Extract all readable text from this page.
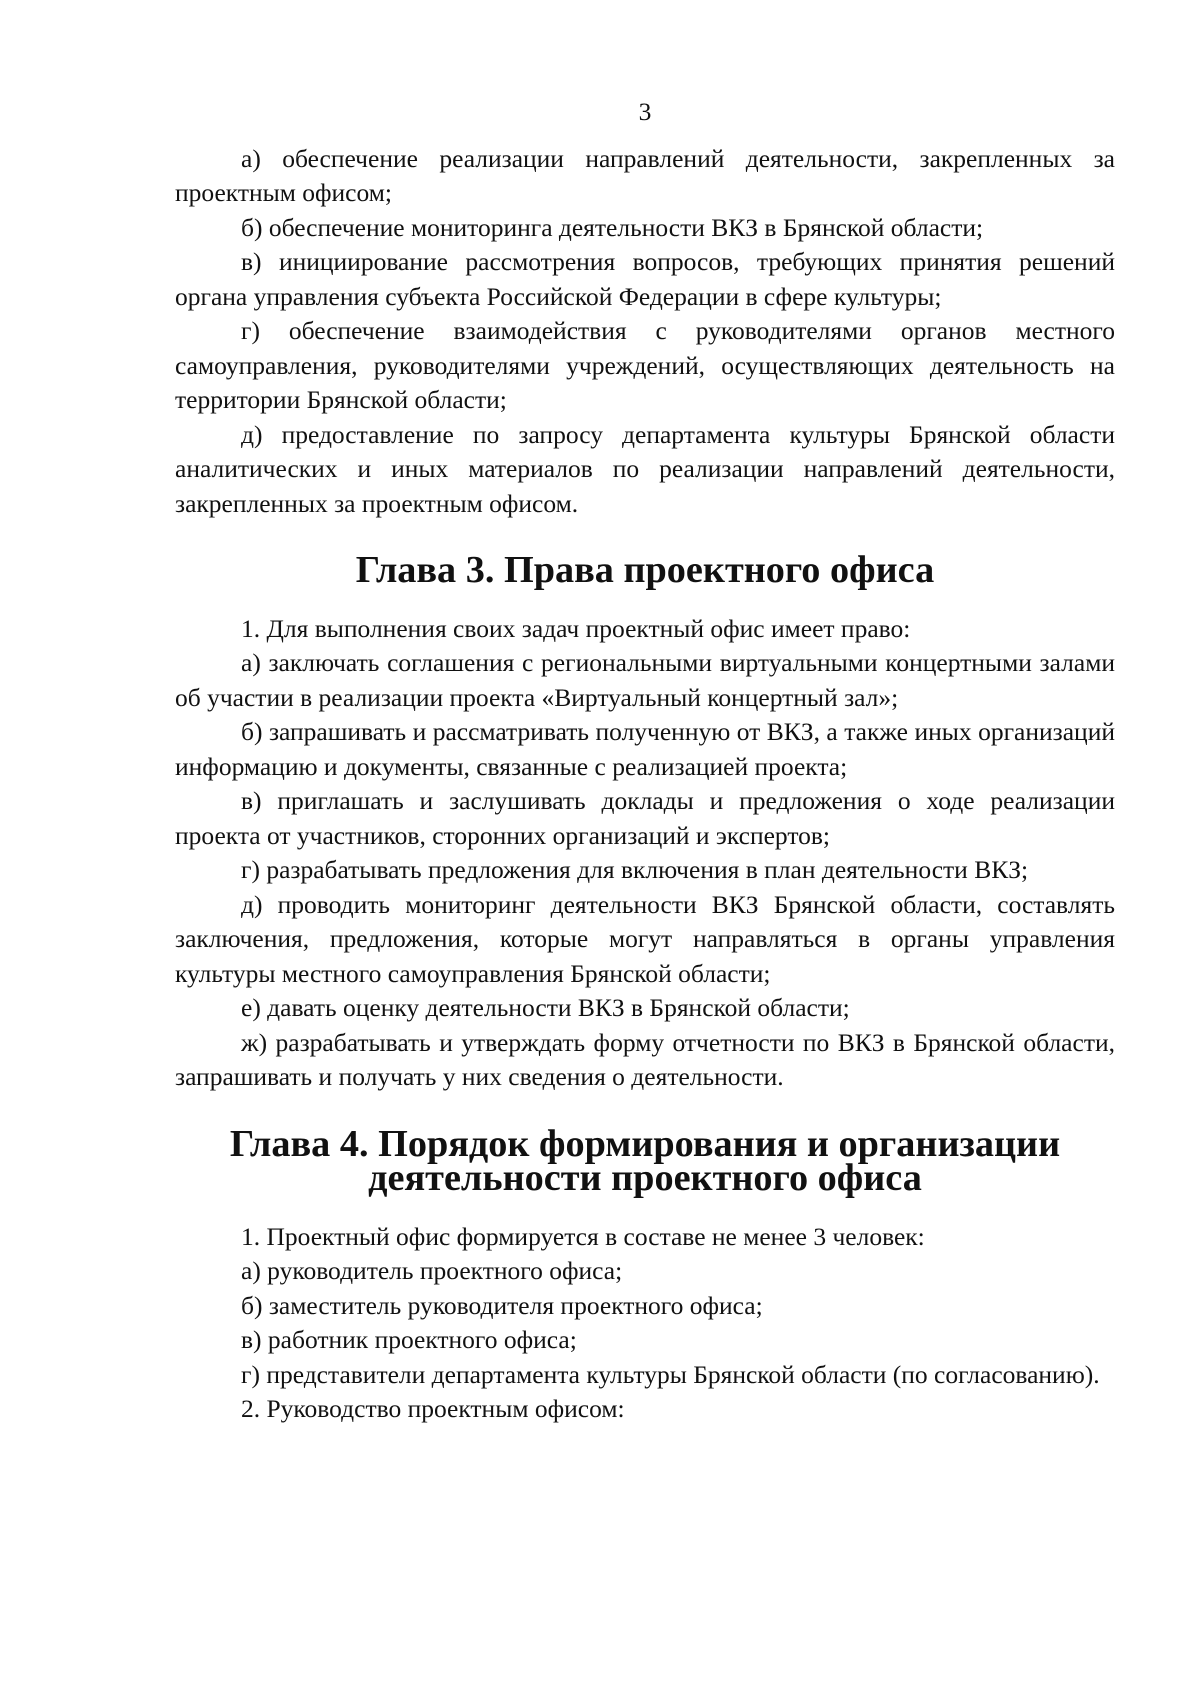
3

а) обеспечение реализации направлений деятельности, закрепленных за проектным офисом;

б) обеспечение мониторинга деятельности ВКЗ в Брянской области;

в) инициирование рассмотрения вопросов, требующих принятия решений органа управления субъекта Российской Федерации в сфере культуры;

г) обеспечение взаимодействия с руководителями органов местного самоуправления, руководителями учреждений, осуществляющих деятельность на территории Брянской области;

д) предоставление по запросу департамента культуры Брянской области аналитических и иных материалов по реализации направлений деятельности, закрепленных за проектным офисом.

Глава 3. Права проектного офиса

1. Для выполнения своих задач проектный офис имеет право:

а) заключать соглашения с региональными виртуальными концертными залами об участии в реализации проекта «Виртуальный концертный зал»;

б) запрашивать и рассматривать полученную от ВКЗ, а также иных организаций информацию и документы, связанные с реализацией проекта;

в) приглашать и заслушивать доклады и предложения о ходе реализации проекта от участников, сторонних организаций и экспертов;

г) разрабатывать предложения для включения в план деятельности ВКЗ;

д) проводить мониторинг деятельности ВКЗ Брянской области, составлять заключения, предложения, которые могут направляться в органы управления культуры местного самоуправления Брянской области;

е) давать оценку деятельности ВКЗ в Брянской области;

ж) разрабатывать и утверждать форму отчетности по ВКЗ в Брянской области, запрашивать и получать у них сведения о деятельности.

Глава 4. Порядок формирования и организации
деятельности проектного офиса

1. Проектный офис формируется в составе не менее 3 человек:

а) руководитель проектного офиса;

б) заместитель руководителя проектного офиса;

в) работник проектного офиса;

г) представители департамента культуры Брянской области (по согласованию).

2. Руководство проектным офисом:
